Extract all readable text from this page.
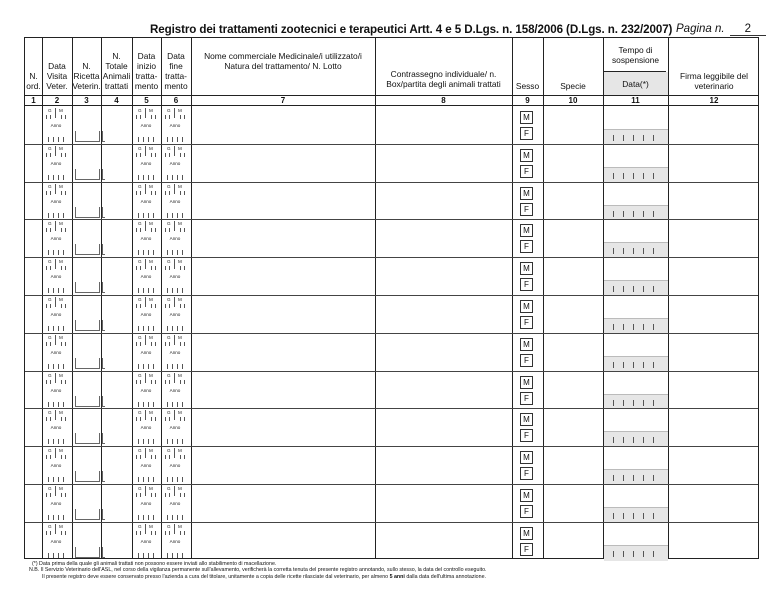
Registro dei trattamenti zootecnici e terapeutici Artt. 4 e 5 D.Lgs. n. 158/2006 (D.Lgs. n. 232/2007) Pagina n. 2
N. ord.
1
Data Visita Veter.
2
N. Ricetta Veterin.
3
N. Totale Animali trattati
4
Data inizio tratta- mento
5
Data fine tratta- mento
6
Nome commerciale Medicinale/i utilizzato/i Natura del trattamento/ N. Lotto
7
Contrassegno individuale/ n. Box/partita degli animali trattati
8
Sesso
9
Specie
10
Tempo di sospensione
Data(*)
11
Firma leggibile del veterinario
12
G M
Anno
G M
Anno
G M
Anno
M
F
G M
Anno
G M
Anno
G M
Anno
M
F
G M
Anno
G M
Anno
G M
Anno
M
F
G M
Anno
G M
Anno
G M
Anno
M
F
G M
Anno
G M
Anno
G M
Anno
M
F
G M
Anno
G M
Anno
G M
Anno
M
F
G M
Anno
G M
Anno
G M
Anno
M
F
G M
Anno
G M
Anno
G M
Anno
M
F
G M
Anno
G M
Anno
G M
Anno
M
F
G M
Anno
G M
Anno
G M
Anno
M
F
G M
Anno
G M
Anno
G M
Anno
M
F
G M
Anno
G M
Anno
G M
Anno
M
F
(*) Data prima della quale gli animali trattati non possono essere inviati allo stabilimento di macellazione.
N.B. Il Servizio Veterinario dell'ASL, nel corso della vigilanza permanente sull'allevamento, verificherà la corretta tenuta del presente registro annotando, sullo stesso, la data del controllo eseguito.
Il presente registro deve essere conservato presso l'azienda a cura del titolare, unitamente a copia delle ricette rilasciate dal veterinario, per almeno 5 anni dalla data dell'ultima annotazione.
